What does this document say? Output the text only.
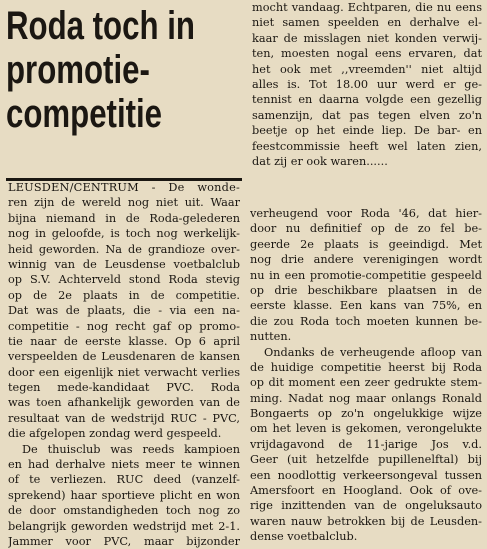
Roda toch in
promotie-
competitie
mocht vandaag. Echtparen, die nu eens
niet samen speelden en derhalve el-
kaar de misslagen niet konden verwij-
ten, moesten nogal eens ervaren, dat
het ook met ,,vreemden'' niet altijd
alles is. Tot 18.00 uur werd er ge-
tennist en daarna volgde een gezellig
samenzijn, dat pas tegen elven zo'n
beetje op het einde liep. De bar- en
feestcommissie heeft wel laten zien,
dat zij er ook waren......
LEUSDEN/CENTRUM - De wonde-
ren zijn de wereld nog niet uit. Waar
bijna niemand in de Roda-gelederen
nog in geloofde, is toch nog werkelijk-
heid geworden. Na de grandioze over-
winnig van de Leusdense voetbalclub
op S.V. Achterveld stond Roda stevig
op de 2e plaats in de competitie.
Dat was de plaats, die - via een na-
competitie - nog recht gaf op promo-
tie naar de eerste klasse. Op 6 april
verspeelden de Leusdenaren de kansen
door een eigenlijk niet verwacht verlies
tegen mede-kandidaat PVC. Roda
was toen afhankelijk geworden van de
resultaat van de wedstrijd RUC - PVC,
die afgelopen zondag werd gespeeld.
De thuisclub was reeds kampioen
en had derhalve niets meer te winnen
of te verliezen. RUC deed (vanzelf-
sprekend) haar sportieve plicht en won
de door omstandigheden toch nog zo
belangrijk geworden wedstrijd met 2-1.
Jammer voor PVC, maar bijzonder
verheugend voor Roda '46, dat hier-
door nu definitief op de zo fel be-
geerde 2e plaats is geeindigd. Met
nog drie andere verenigingen wordt
nu in een promotie-competitie gespeeld
op drie beschikbare plaatsen in de
eerste klasse. Een kans van 75%, en
die zou Roda toch moeten kunnen be-
nutten.
Ondanks de verheugende afloop van
de huidige competitie heerst bij Roda
op dit moment een zeer gedrukte stem-
ming. Nadat nog maar onlangs Ronald
Bongaerts op zo'n ongelukkige wijze
om het leven is gekomen, verongelukte
vrijdagavond de 11-jarige Jos v.d.
Geer (uit hetzelfde pupillenelftal) bij
een noodlottig verkeersongeval tussen
Amersfoort en Hoogland. Ook of ove-
rige inzittenden van de ongeluksauto
waren nauw betrokken bij de Leusden-
dense voetbalclub.
